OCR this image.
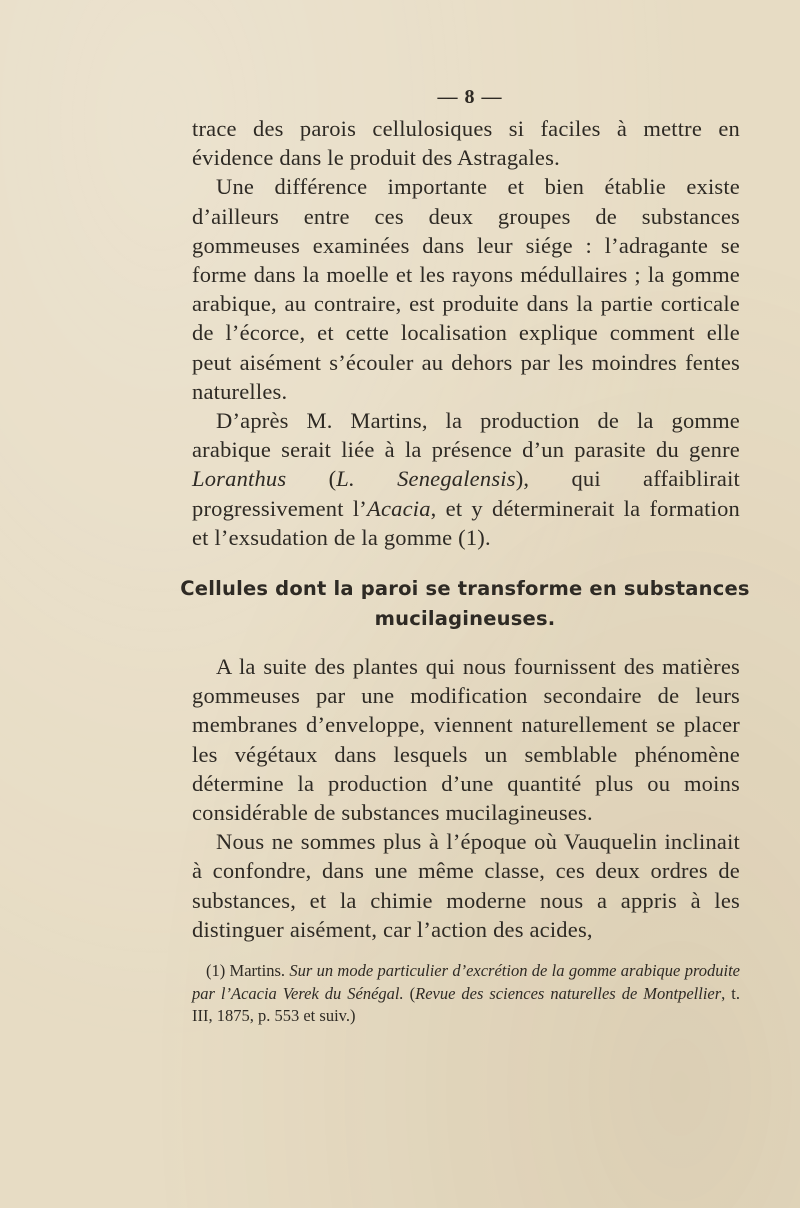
— 8 —

trace des parois cellulosiques si faciles à mettre en évidence dans le produit des Astragales.

Une différence importante et bien établie existe d’ailleurs entre ces deux groupes de substances gommeuses examinées dans leur siége : l’adragante se forme dans la moelle et les rayons médullaires ; la gomme arabique, au contraire, est produite dans la partie corticale de l’écorce, et cette localisation explique comment elle peut aisément s’écouler au dehors par les moindres fentes naturelles.

D’après M. Martins, la production de la gomme arabique serait liée à la présence d’un parasite du genre Loranthus (L. Senegalensis), qui affaiblirait progressivement l’Acacia, et y déterminerait la formation et l’exsudation de la gomme (1).

Cellules dont la paroi se transforme en substances
mucilagineuses.

A la suite des plantes qui nous fournissent des matières gommeuses par une modification secondaire de leurs membranes d’enveloppe, viennent naturellement se placer les végétaux dans lesquels un semblable phénomène détermine la production d’une quantité plus ou moins considérable de substances mucilagineuses.

Nous ne sommes plus à l’époque où Vauquelin inclinait à confondre, dans une même classe, ces deux ordres de substances, et la chimie moderne nous a appris à les distinguer aisément, car l’action des acides,

(1) Martins. Sur un mode particulier d’excrétion de la gomme arabique produite par l’Acacia Verek du Sénégal. (Revue des sciences naturelles de Montpellier, t. III, 1875, p. 553 et suiv.)
